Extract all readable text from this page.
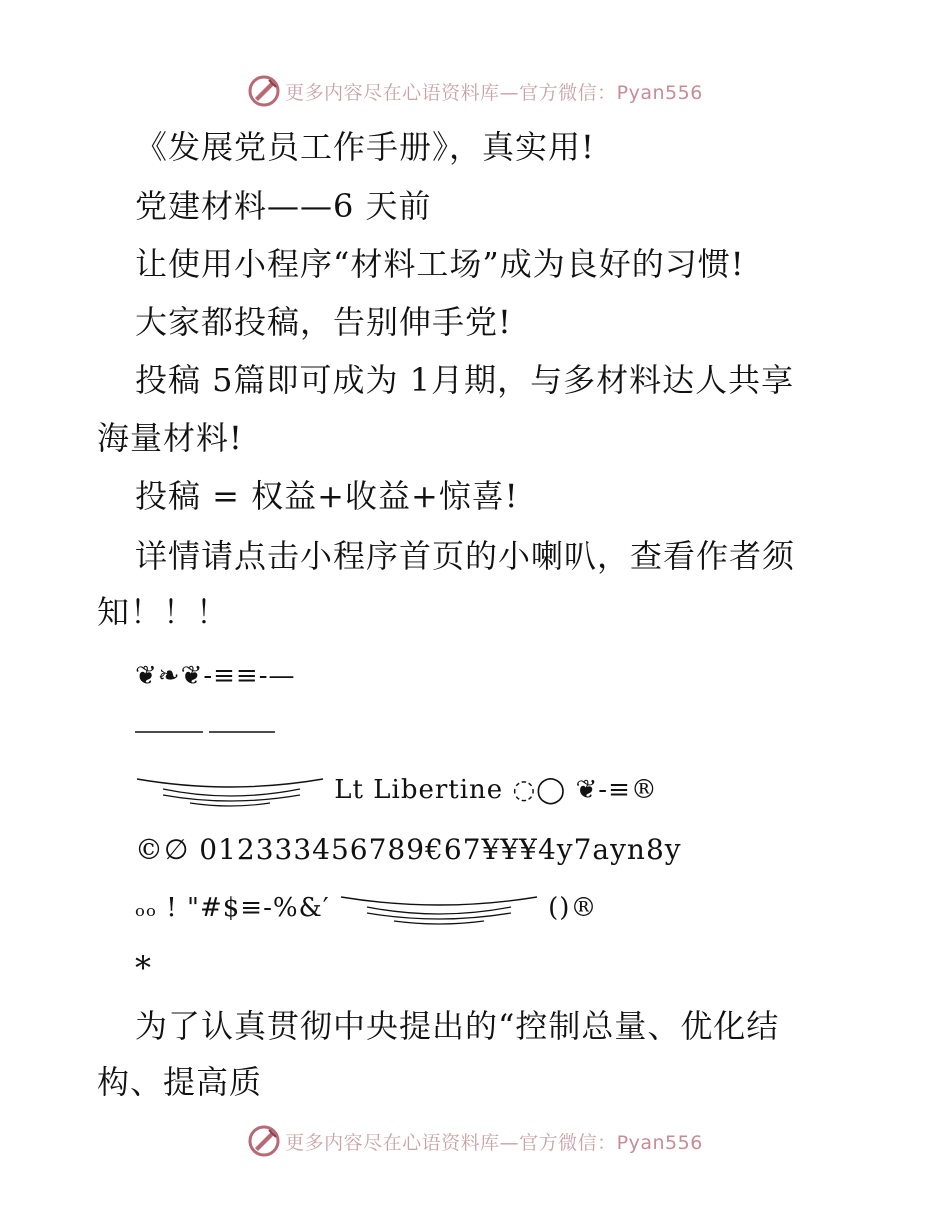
更多内容尽在心语资料库—官方微信：Pyan556
《发展党员工作手册》，真实用!
党建材料——6 天前
让使用小程序“材料工场”成为良好的习惯!
大家都投稿，告别伸手党!
投稿 5篇即可成为 1月期，与多材料达人共享
海量材料!
投稿 = 权益+收益+惊喜!
详情请点击小程序首页的小喇叭，查看作者须
知！！！
❦❧❦-≡≡-—
Lt Libertine ◌◯ ❦-≡®
©∅ 012333456789€67¥¥¥4y7ayn8y
ₒₒ ! "#$≡-%&′	()®
*
为了认真贯彻中央提出的“控制总量、优化结
构、提高质
更多内容尽在心语资料库—官方微信：Pyan556
